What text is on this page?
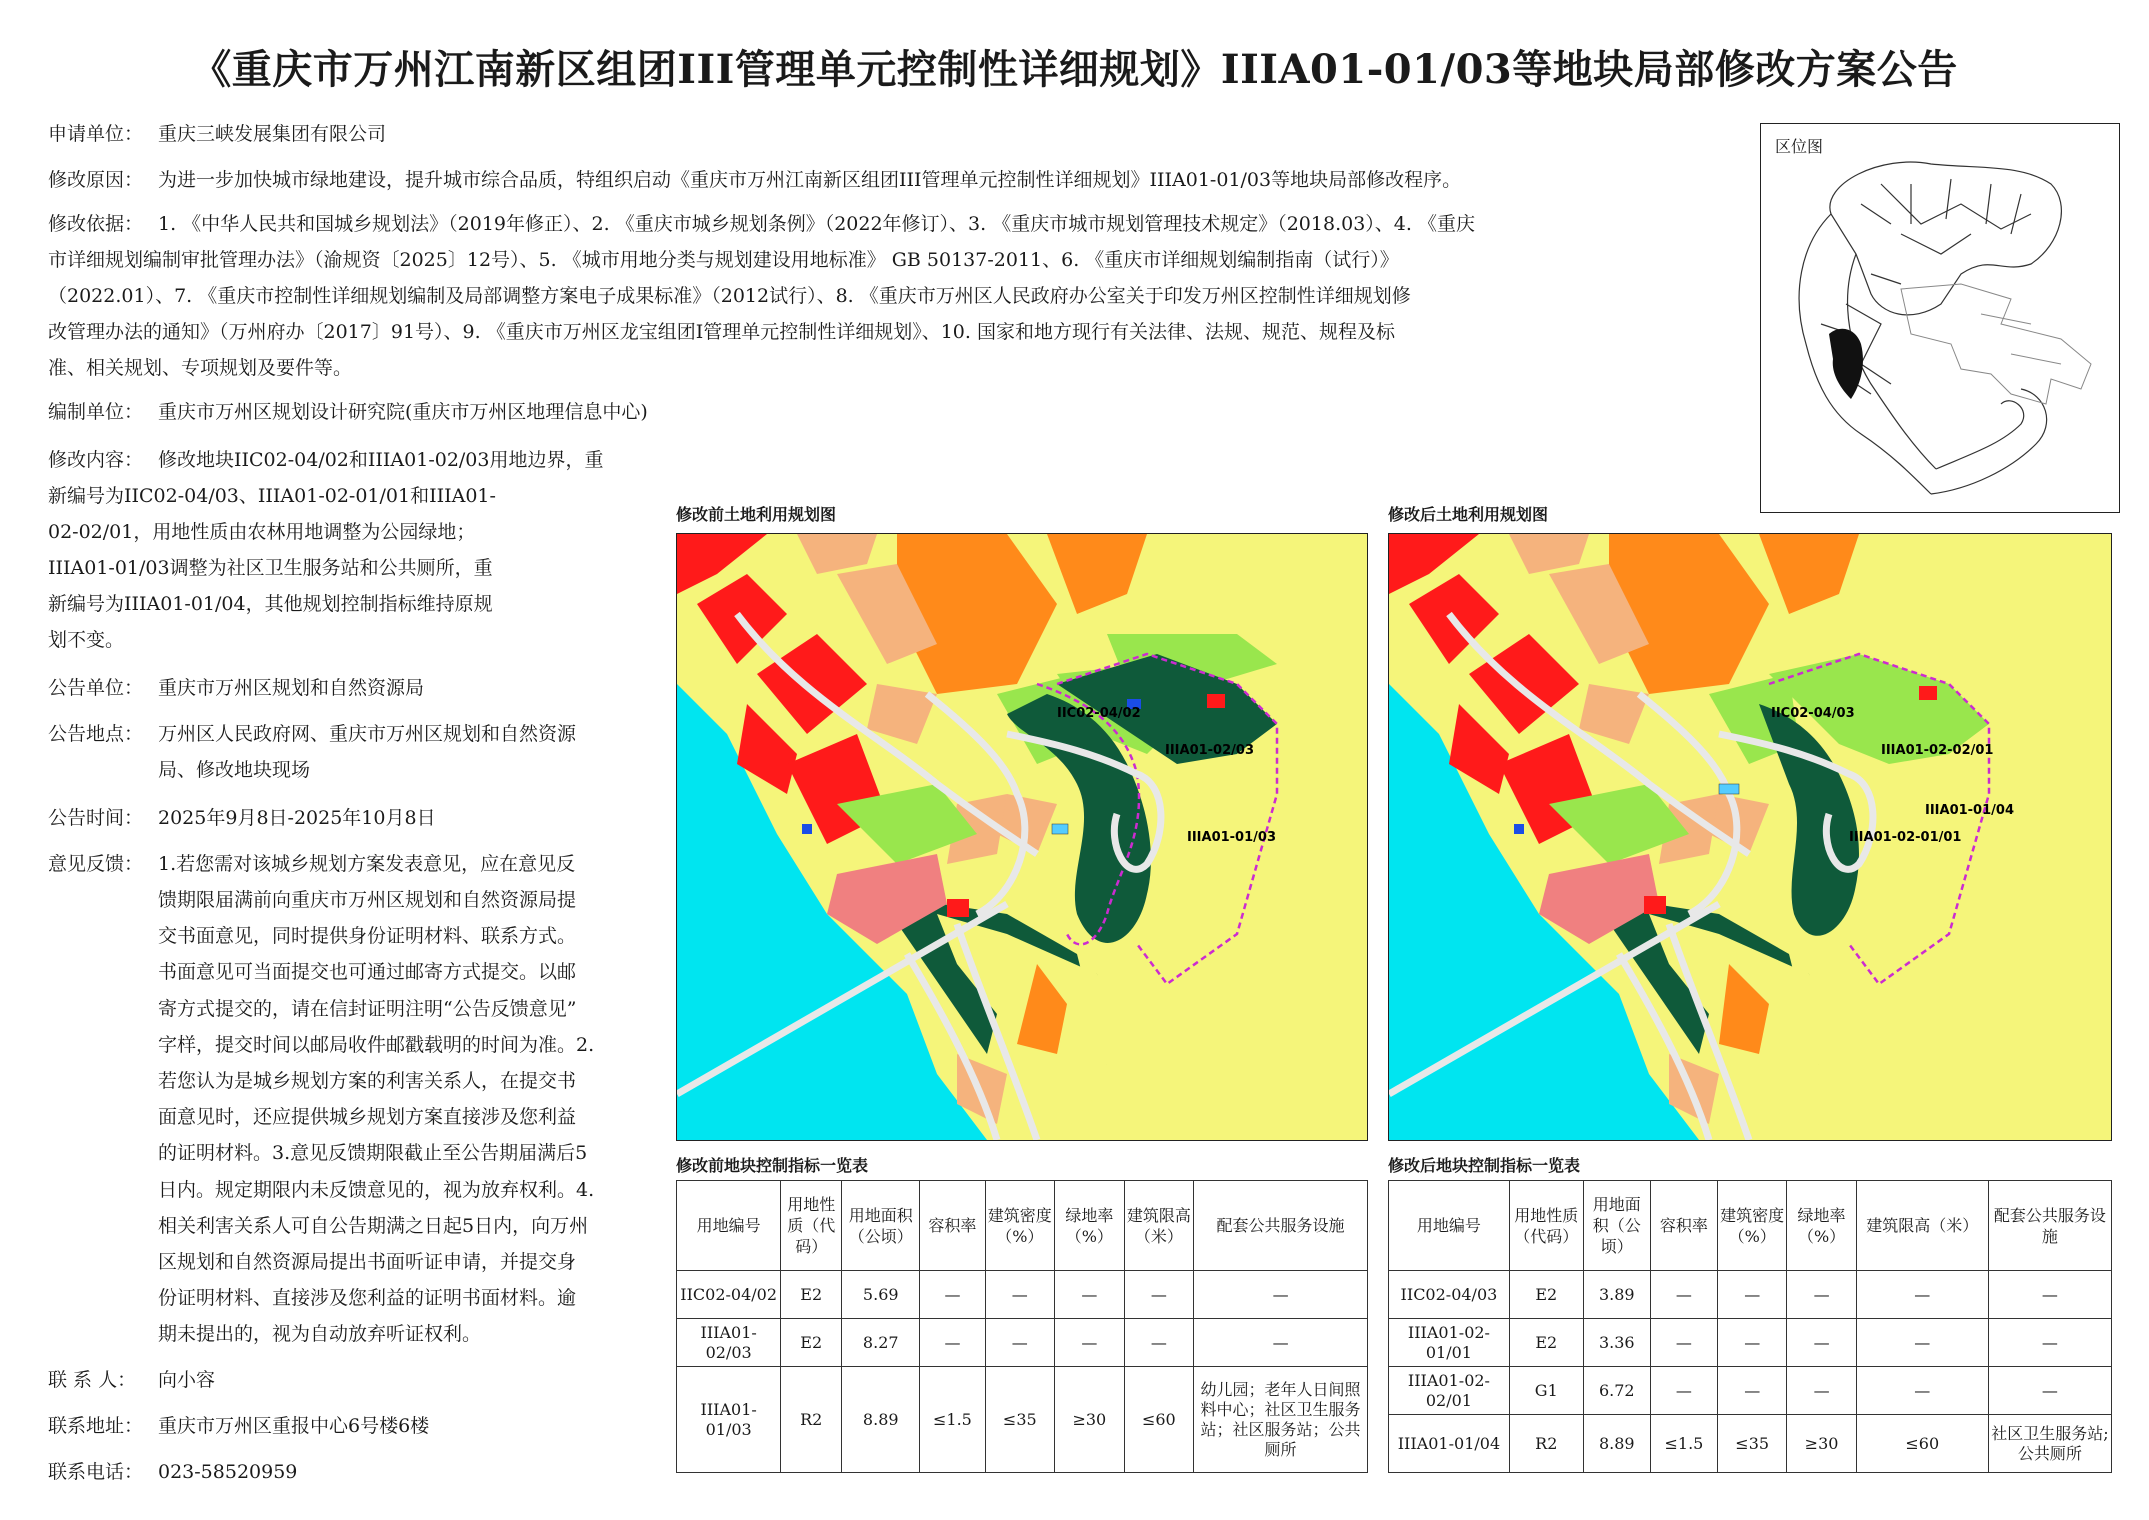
《重庆市万州江南新区组团III管理单元控制性详细规划》IIIA01-01/03等地块局部修改方案公告
申请单位： 重庆三峡发展集团有限公司
修改原因： 为进一步加快城市绿地建设，提升城市综合品质，特组织启动《重庆市万州江南新区组团III管理单元控制性详细规划》IIIA01-01/03等地块局部修改程序。
修改依据： 1. 《中华人民共和国城乡规划法》（2019年修正）、2. 《重庆市城乡规划条例》（2022年修订）、3. 《重庆市城市规划管理技术规定》（2018.03）、4. 《重庆
市详细规划编制审批管理办法》（渝规资〔2025〕12号）、5. 《城市用地分类与规划建设用地标准》 GB 50137-2011、6. 《重庆市详细规划编制指南（试行）》
（2022.01）、7. 《重庆市控制性详细规划编制及局部调整方案电子成果标准》（2012试行）、8. 《重庆市万州区人民政府办公室关于印发万州区控制性详细规划修
改管理办法的通知》（万州府办〔2017〕91号）、9. 《重庆市万州区龙宝组团I管理单元控制性详细规划》、10. 国家和地方现行有关法律、法规、规范、规程及标
准、相关规划、专项规划及要件等。
编制单位： 重庆市万州区规划设计研究院(重庆市万州区地理信息中心)
修改内容： 修改地块IIC02-04/02和IIIA01-02/03用地边界，重
新编号为IIC02-04/03、IIIA01-02-01/01和IIIA01-
02-02/01，用地性质由农林用地调整为公园绿地；
IIIA01-01/03调整为社区卫生服务站和公共厕所，重
新编号为IIIA01-01/04，其他规划控制指标维持原规
划不变。
公告单位： 重庆市万州区规划和自然资源局
公告地点： 万州区人民政府网、重庆市万州区规划和自然资源
局、修改地块现场
公告时间： 2025年9月8日-2025年10月8日
意见反馈： 1.若您需对该城乡规划方案发表意见，应在意见反
馈期限届满前向重庆市万州区规划和自然资源局提
交书面意见，同时提供身份证明材料、联系方式。
书面意见可当面提交也可通过邮寄方式提交。以邮
寄方式提交的，请在信封证明注明“公告反馈意见”
字样，提交时间以邮局收件邮戳载明的时间为准。2.
若您认为是城乡规划方案的利害关系人，在提交书
面意见时，还应提供城乡规划方案直接涉及您利益
的证明材料。3.意见反馈期限截止至公告期届满后5
日内。规定期限内未反馈意见的，视为放弃权利。4.
相关利害关系人可自公告期满之日起5日内，向万州
区规划和自然资源局提出书面听证申请，并提交身
份证明材料、直接涉及您利益的证明书面材料。逾
期未提出的，视为自动放弃听证权利。
联 系 人： 向小容
联系地址： 重庆市万州区重报中心6号楼6楼
联系电话： 023-58520959
区位图
修改前土地利用规划图
IIC02-04/02
IIIA01-02/03
IIIA01-01/03
修改后土地利用规划图
IIC02-04/03
IIIA01-02-02/01
IIIA01-01/04
IIIA01-02-01/01
修改前地块控制指标一览表
用地编号	用地性质（代码）	用地面积（公顷）	容积率	建筑密度（%）	绿地率（%）	建筑限高（米）	配套公共服务设施
IIC02-04/02	E2	5.69	—	—	—	—	—
IIIA01-02/03	E2	8.27	—	—	—	—	—
IIIA01-01/03	R2	8.89	≤1.5	≤35	≥30	≤60	幼儿园；老年人日间照料中心；社区卫生服务站；社区服务站；公共厕所
修改后地块控制指标一览表
用地编号	用地性质（代码）	用地面积（公顷）	容积率	建筑密度（%）	绿地率（%）	建筑限高（米）	配套公共服务设施
IIC02-04/03	E2	3.89	—	—	—	—	—
IIIA01-02-01/01	E2	3.36	—	—	—	—	—
IIIA01-02-02/01	G1	6.72	—	—	—	—	—
IIIA01-01/04	R2	8.89	≤1.5	≤35	≥30	≤60	社区卫生服务站;公共厕所
